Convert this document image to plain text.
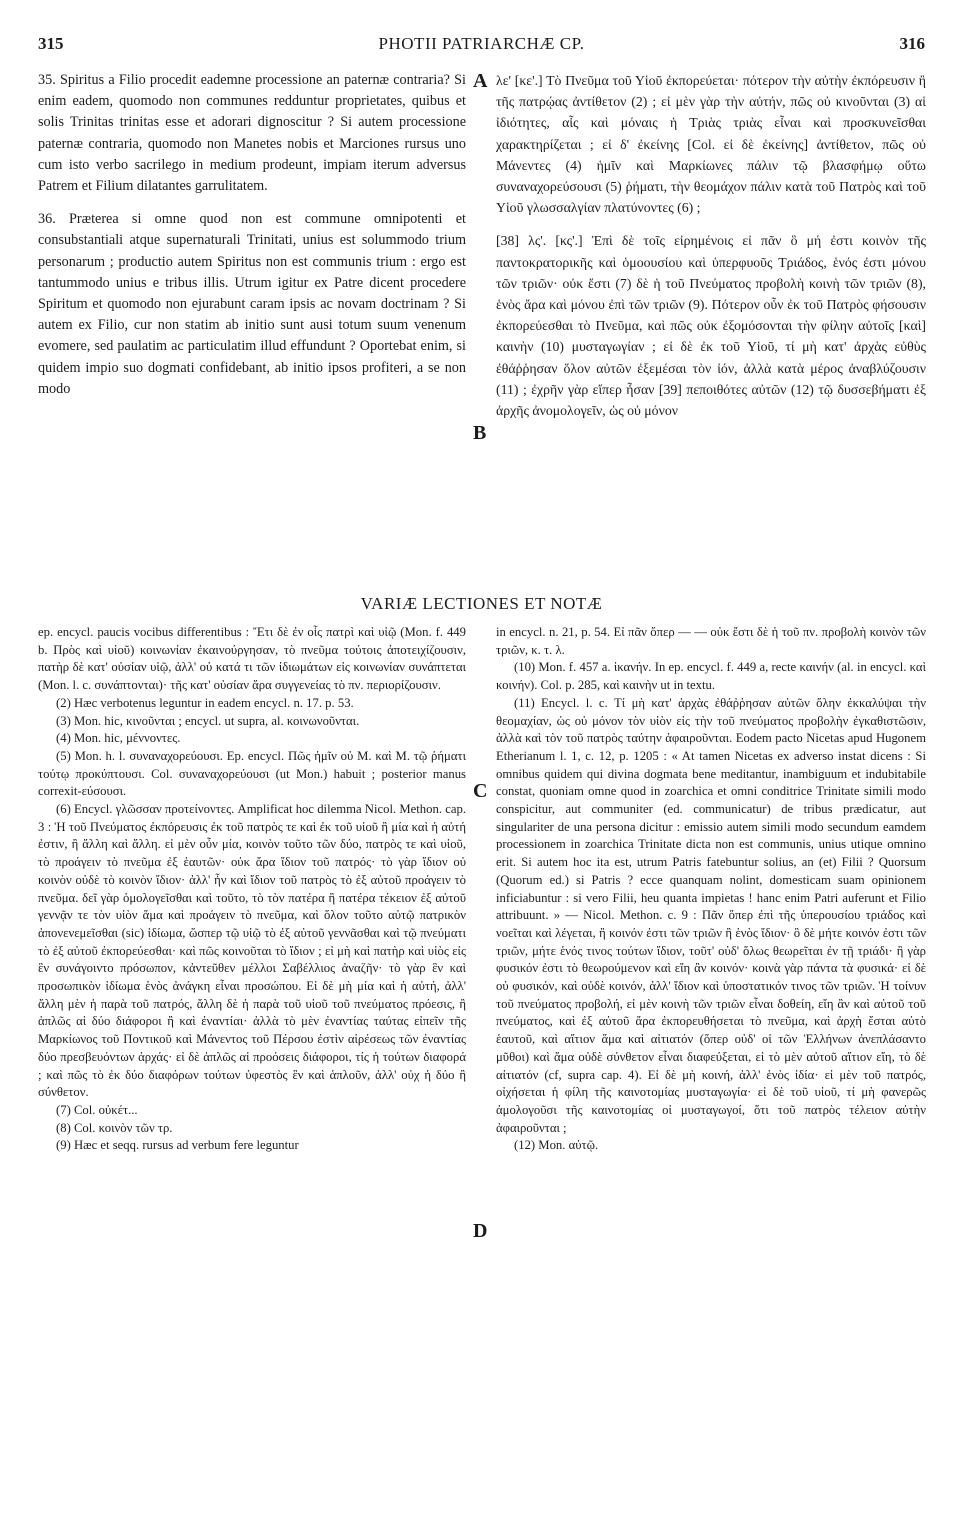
315	PHOTII PATRIARCHÆ CP.	316

35. Spiritus a Filio procedit eademne processione an paternæ contraria? Si enim eadem, quomodo non communes redduntur proprietates, quibus et solis Trinitas trinitas esse et adorari dignoscitur ? Si autem processione paternæ contraria, quomodo non Manetes nobis et Marciones rursus uno cum isto verbo sacrilego in medium prodeunt, impiam iterum adversus Patrem et Filium dilatantes garrulitatem.

36. Præterea si omne quod non est commune omnipotenti et consubstantiali atque supernaturali Trinitati, unius est solummodo trium personarum ; productio autem Spiritus non est communis trium : ergo est tantummodo unius e tribus illis. Utrum igitur ex Patre dicent procedere Spiritum et quomodo non ejurabunt caram ipsis ac novam doctrinam ? Si autem ex Filio, cur non statim ab initio sunt ausi totum suum venenum evomere, sed paulatim ac particulatim illud effundunt ? Oportebat enim, si quidem impio suo dogmati confidebant, ab initio ipsos profiteri, a se non modo

A
B
C
D

λε' [κε'.] Τὸ Πνεῦμα τοῦ Υἱοῦ ἐκπορεύεται· πότερον τὴν αὐτὴν ἐκπόρευσιν ἢ τῆς πατρῴας ἀντίθετον (2) ; εἰ μὲν γὰρ τὴν αὐτήν, πῶς οὐ κινοῦνται (3) αἱ ἰδιότητες, αἷς καὶ μόναις ἡ Τριὰς τριὰς εἶναι καὶ προσκυνεῖσθαι χαρακτηρίζεται ; εἰ δ' ἐκείνης [Col. εἰ δὲ ἐκείνης] ἀντίθετον, πῶς οὐ Μάνεντες (4) ἡμῖν καὶ Μαρκίωνες πάλιν τῷ βλασφήμῳ οὕτω συναναχορεύσουσι (5) ῥήματι, τὴν θεομάχον πάλιν κατὰ τοῦ Πατρὸς καὶ τοῦ Υἱοῦ γλωσσαλγίαν πλατύνοντες (6) ;

[38] λς'. [κς'.] Ἐπὶ δὲ τοῖς εἰρημένοις εἰ πᾶν ὃ μή ἐστι κοινὸν τῆς παντοκρατορικῆς καὶ ὁμοουσίου καὶ ὑπερφυοῦς Τριάδος, ἑνός ἐστι μόνου τῶν τριῶν· οὐκ ἔστι (7) δὲ ἡ τοῦ Πνεύματος προβολὴ κοινὴ τῶν τριῶν (8), ἑνὸς ἄρα καὶ μόνου ἐπὶ τῶν τριῶν (9). Πότερον οὖν ἐκ τοῦ Πατρὸς φήσουσιν ἐκπορεύεσθαι τὸ Πνεῦμα, καὶ πῶς οὐκ ἐξομόσονται τὴν φίλην αὐτοῖς [καὶ] καινὴν (10) μυσταγωγίαν ; εἰ δὲ ἐκ τοῦ Υἱοῦ, τί μὴ κατ' ἀρχὰς εὐθὺς ἐθάῤῥησαν ὅλον αὐτῶν ἐξεμέσαι τὸν ἰόν, ἀλλὰ κατὰ μέρος ἀναβλύζουσιν (11) ; ἐχρῆν γὰρ εἴπερ ἦσαν [39] πεποιθότες αὐτῶν (12) τῷ δυσσεβήματι ἐξ ἀρχῆς ἀνομολογεῖν, ὡς οὐ μόνον

VARIÆ LECTIONES ET NOTÆ
ep. encycl. paucis vocibus differentibus : Ἔτι δὲ ἐν οἷς πατρὶ καὶ υἱῷ (Mon. f. 449 b. Πρὸς καὶ υἱοῦ) κοινωνίαν ἐκαινούργησαν, τὸ πνεῦμα τούτοις ἀποτειχίζουσιν, πατὴρ δὲ κατ' οὐσίαν υἱῷ, ἀλλ' οὐ κατά τι τῶν ἰδιωμάτων εἰς κοινωνίαν συνάπτεται (Mon. l. c. συνάπτονται)· τῆς κατ' οὐσίαν ἄρα συγγενείας τὸ πν. περιορίζουσιν.
(2) Hæc verbotenus leguntur in eadem encycl. n. 17. p. 53.
(3) Mon. hic, κινοῦνται ; encycl. ut supra, al. κοινωνοῦνται.
(4) Mon. hic, μέννοντες.
(5) Mon. h. l. συναναχορεύουσι. Ep. encycl. Πῶς ἡμῖν οὐ Μ. καὶ Μ. τῷ ῥήματι τούτῳ προκύπτουσι. Col. συναναχορεύουσι (ut Mon.) habuit ; posterior manus correxit-εύσουσι.
(6) Encycl. γλῶσσαν προτείνοντες. Amplificat hoc dilemma Nicol. Methon. cap. 3 : Ἡ τοῦ Πνεύματος ἐκπόρευσις ἐκ τοῦ πατρὸς τε καὶ ἐκ τοῦ υἱοῦ ἢ μία καὶ ἡ αὐτή ἐστιν, ἢ ἄλλη καὶ ἄλλη. εἰ μὲν οὖν μία, κοινὸν τοῦτο τῶν δύο, πατρὸς τε καὶ υἱοῦ, τὸ προάγειν τὸ πνεῦμα ἐξ ἑαυτῶν· οὐκ ἄρα ἴδιον τοῦ πατρός· τὸ γὰρ ἴδιον οὐ κοινὸν οὐδὲ τὸ κοινὸν ἴδιον· ἀλλ' ἦν καὶ ἴδιον τοῦ πατρὸς τὸ ἐξ αὐτοῦ προάγειν τὸ πνεῦμα. δεῖ γὰρ ὁμολογεῖσθαι καὶ τοῦτο, τὸ τὸν πατέρα ἢ πατέρα τέκειον ἐξ αὐτοῦ γεννᾷν τε τὸν υἱὸν ἅμα καὶ προάγειν τὸ πνεῦμα, καὶ ὅλον τοῦτο αὐτῷ πατρικὸν ἀπονενεμεῖσθαι (sic) ἰδίωμα, ὥσπερ τῷ υἱῷ τὸ ἐξ αὐτοῦ γεννᾶσθαι καὶ τῷ πνεύματι τὸ ἐξ αὐτοῦ ἐκπορεύεσθαι· καὶ πῶς κοινοῦται τὸ ἴδιον ; εἰ μὴ καὶ πατὴρ καὶ υἱὸς εἰς ἓν συνάγοιντο πρόσωπον, κἀντεῦθεν μέλλοι Σαβέλλιος ἀναζῆν· τὸ γὰρ ἓν καὶ προσωπικὸν ἰδίωμα ἑνὸς ἀνάγκη εἶναι προσώπου. Εἰ δὲ μὴ μία καὶ ἡ αὐτή, ἀλλ' ἄλλη μὲν ἡ παρὰ τοῦ πατρός, ἄλλη δὲ ἡ παρὰ τοῦ υἱοῦ τοῦ πνεύματος πρόεσις, ἢ ἁπλῶς αἱ δύο διάφοροι ἢ καὶ ἐναντίαι· ἀλλὰ τὸ μὲν ἐναντίας ταύτας εἰπεῖν τῆς Μαρκίωνος τοῦ Ποντικοῦ καὶ Μάνεντος τοῦ Πέρσου ἐστὶν αἱρέσεως τῶν ἐναντίας δύο πρεσβευόντων ἀρχάς· εἰ δὲ ἁπλῶς αἱ προόσεις διάφοροι, τίς ἡ τούτων διαφορά ; καὶ πῶς τὸ ἐκ δύο διαφόρων τούτων ὑφεστὸς ἓν καὶ ἁπλοῦν, ἀλλ' οὐχ ἡ δύο ἢ σύνθετον.
(7) Col. οὐκέτ...
(8) Col. κοινὸν τῶν τρ.
(9) Hæc et seqq. rursus ad verbum fere leguntur
in encycl. n. 21, p. 54. Εἰ πᾶν ὅπερ — — οὐκ ἔστι δὲ ἡ τοῦ πν. προβολὴ κοινὸν τῶν τριῶν, κ. τ. λ.
(10) Mon. f. 457 a. ἱκανήν. In ep. encycl. f. 449 a, recte καινήν (al. in encycl. καὶ κοινήν). Col. p. 285, καὶ καινὴν ut in textu.
(11) Encycl. l. c. Τί μὴ κατ' ἀρχὰς ἐθάῤῥησαν αὐτῶν ὅλην ἐκκαλύψαι τὴν θεομαχίαν, ὡς οὐ μόνον τὸν υἱὸν εἰς τὴν τοῦ πνεύματος προβολὴν ἐγκαθιστῶσιν, ἀλλὰ καὶ τὸν τοῦ πατρὸς ταύτην ἀφαιροῦνται. Eodem pacto Nicetas apud Hugonem Etherianum l. 1, c. 12, p. 1205 : « At tamen Nicetas ex adverso instat dicens : Si omnibus quidem qui divina dogmata bene meditantur, inambiguum et indubitabile constat, quoniam omne quod in zoarchica et omni conditrice Trinitate simili modo conspicitur, aut communiter (ed. communicatur) de tribus prædicatur, aut singulariter de una persona dicitur : emissio autem simili modo secundum eamdem processionem in zoarchica Trinitate dicta non est communis, unius utique omnino erit. Si autem hoc ita est, utrum Patris fatebuntur solius, an (et) Filii ? Quorsum (Quorum ed.) si Patris ? ecce quanquam nolint, domesticam suam opinionem inficiabuntur : si vero Filii, heu quanta impietas ! hanc enim Patri auferunt et Filio attribuunt. » — Nicol. Methon. c. 9 : Πᾶν ὅπερ ἐπὶ τῆς ὑπερουσίου τριάδος καὶ νοεῖται καὶ λέγεται, ἢ κοινόν ἐστι τῶν τριῶν ἢ ἑνὸς ἴδιον· ὃ δὲ μήτε κοινόν ἐστι τῶν τριῶν, μήτε ἑνός τινος τούτων ἴδιον, τοῦτ' οὐδ' ὅλως θεωρεῖται ἐν τῇ τριάδι· ἢ γὰρ φυσικόν ἐστι τὸ θεωρούμενον καὶ εἴη ἂν κοινόν· κοινὰ γὰρ πάντα τὰ φυσικά· εἰ δὲ οὐ φυσικόν, καὶ οὐδὲ κοινόν, ἀλλ' ἴδιον καὶ ὑποστατικόν τινος τῶν τριῶν. Ἡ τοίνυν τοῦ πνεύματος προβολή, εἰ μὲν κοινὴ τῶν τριῶν εἶναι δοθείη, εἴη ἂν καὶ αὐτοῦ τοῦ πνεύματος, καὶ ἐξ αὐτοῦ ἄρα ἐκπορευθήσεται τὸ πνεῦμα, καὶ ἀρχὴ ἔσται αὐτὸ ἑαυτοῦ, καὶ αἴτιον ἅμα καὶ αἰτιατόν (ὅπερ οὐδ' οἱ τῶν Ἑλλήνων ἀνεπλάσαντο μῦθοι) καὶ ἅμα οὐδὲ σύνθετον εἶναι διαφεύξεται, εἰ τὸ μὲν αὐτοῦ αἴτιον εἴη, τὸ δὲ αἰτιατόν (cf, supra cap. 4). Εἰ δὲ μὴ κοινή, ἀλλ' ἑνὸς ἰδία· εἰ μὲν τοῦ πατρός, οἰχήσεται ἡ φίλη τῆς καινοτομίας μυσταγωγία· εἰ δὲ τοῦ υἱοῦ, τί μὴ φανερῶς ἀμολογοῦσι τῆς καινοτομίας οἱ μυσταγωγοί, ὅτι τοῦ πατρὸς τέλειον αὐτὴν ἀφαιροῦνται ;
(12) Mon. αὐτῷ.
